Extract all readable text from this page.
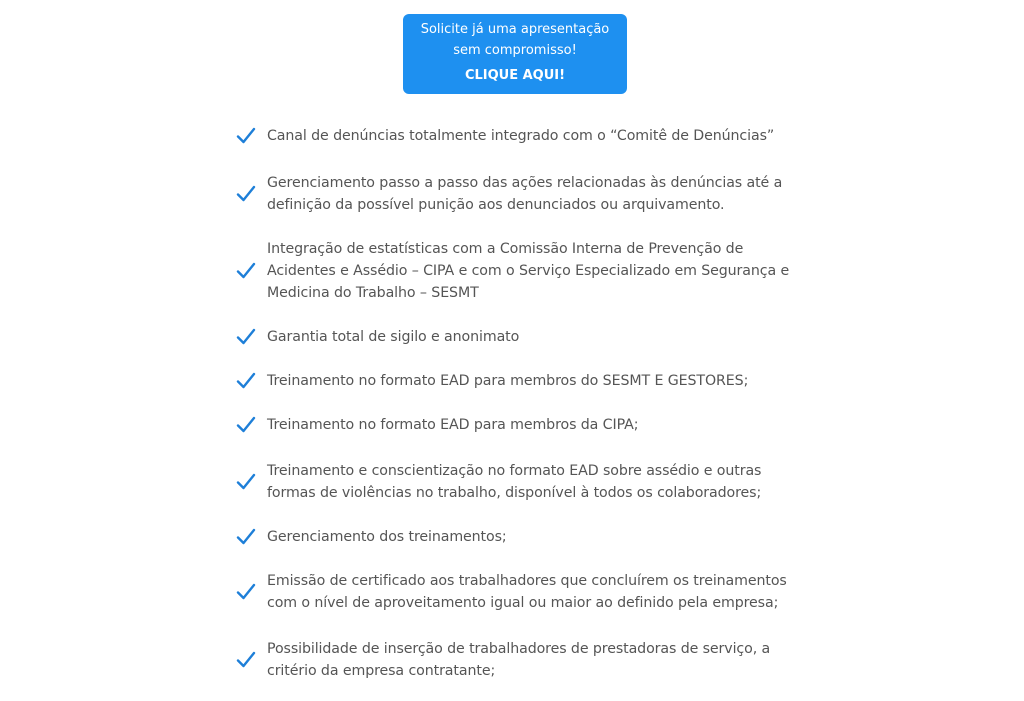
Solicite já uma apresentação
sem compromisso!
CLIQUE AQUI!
Canal de denúncias totalmente integrado com o “Comitê de Denúncias”
Gerenciamento passo a passo das ações relacionadas às denúncias até a
definição da possível punição aos denunciados ou arquivamento.
Integração de estatísticas com a Comissão Interna de Prevenção de
Acidentes e Assédio – CIPA e com o Serviço Especializado em Segurança e
Medicina do Trabalho – SESMT
Garantia total de sigilo e anonimato
Treinamento no formato EAD para membros do SESMT E GESTORES;
Treinamento no formato EAD para membros da CIPA;
Treinamento e conscientização no formato EAD sobre assédio e outras
formas de violências no trabalho, disponível à todos os colaboradores;
Gerenciamento dos treinamentos;
Emissão de certificado aos trabalhadores que concluírem os treinamentos
com o nível de aproveitamento igual ou maior ao definido pela empresa;
Possibilidade de inserção de trabalhadores de prestadoras de serviço, a
critério da empresa contratante;
